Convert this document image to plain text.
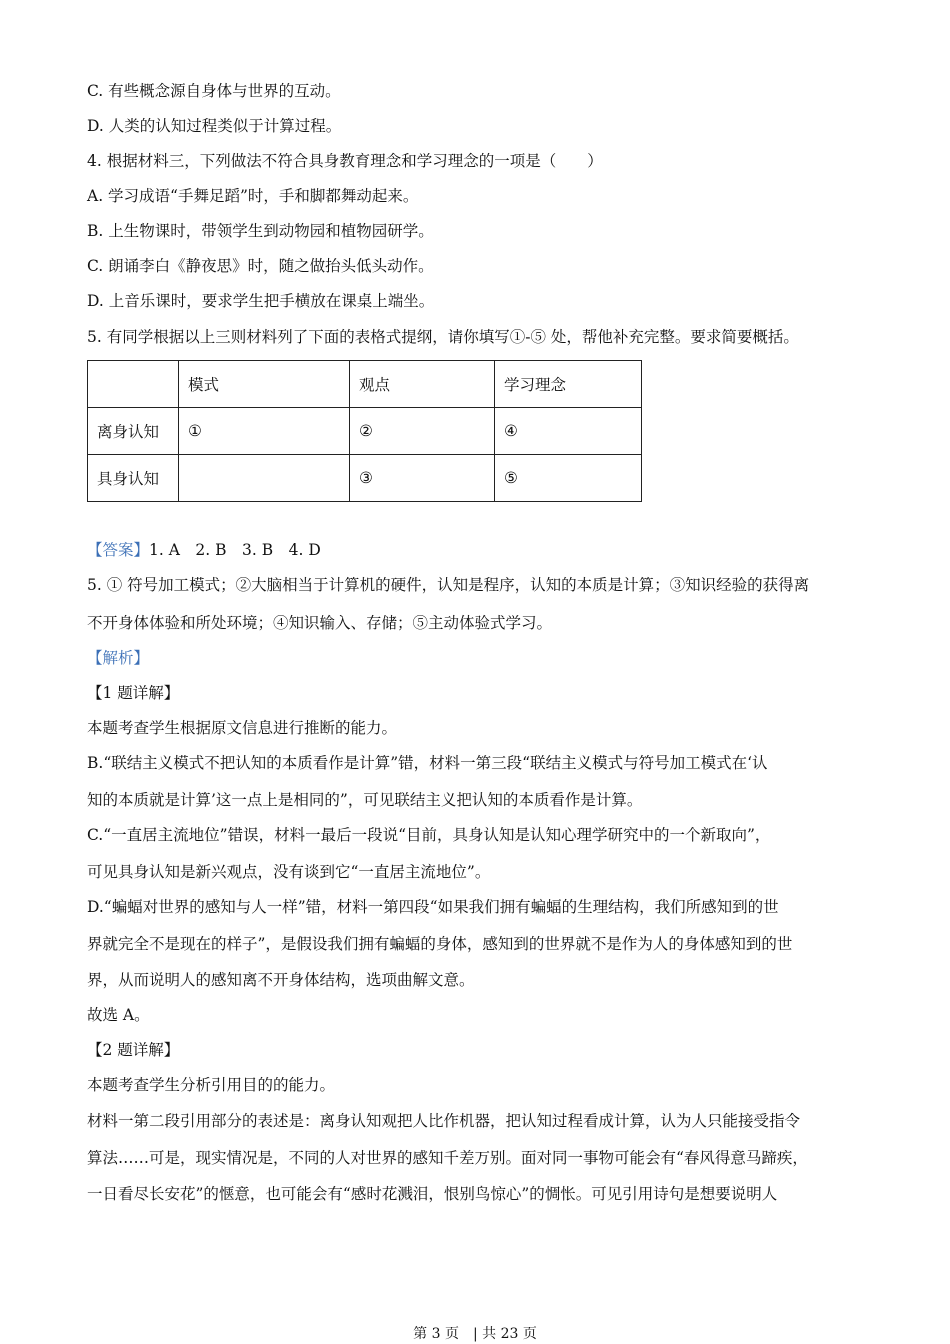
C. 有些概念源自身体与世界的互动。
D. 人类的认知过程类似于计算过程。
4. 根据材料三，下列做法不符合具身教育理念和学习理念的一项是（　　）
A. 学习成语“手舞足蹈”时，手和脚都舞动起来。
B. 上生物课时，带领学生到动物园和植物园研学。
C. 朗诵李白《静夜思》时，随之做抬头低头动作。
D. 上音乐课时，要求学生把手横放在课桌上端坐。
5. 有同学根据以上三则材料列了下面的表格式提纲，请你填写①-⑤ 处，帮他补充完整。要求简要概括。
	模式	观点	学习理念
离身认知	①	②	④
具身认知		③	⑤
【答案】1. A　2. B　3. B　4. D
5. ① 符号加工模式；②大脑相当于计算机的硬件，认知是程序，认知的本质是计算；③知识经验的获得离
不开身体体验和所处环境；④知识输入、存储；⑤主动体验式学习。
【解析】
【1 题详解】
本题考查学生根据原文信息进行推断的能力。
B.“联结主义模式不把认知的本质看作是计算”错，材料一第三段“联结主义模式与符号加工模式在‘认
知的本质就是计算’这一点上是相同的”，可见联结主义把认知的本质看作是计算。
C.“一直居主流地位”错误，材料一最后一段说“目前，具身认知是认知心理学研究中的一个新取向”，
可见具身认知是新兴观点，没有谈到它“一直居主流地位”。
D.“蝙蝠对世界的感知与人一样”错，材料一第四段“如果我们拥有蝙蝠的生理结构，我们所感知到的世
界就完全不是现在的样子”，是假设我们拥有蝙蝠的身体，感知到的世界就不是作为人的身体感知到的世
界，从而说明人的感知离不开身体结构，选项曲解文意。
故选 A。
【2 题详解】
本题考查学生分析引用目的的能力。
材料一第二段引用部分的表述是：离身认知观把人比作机器，把认知过程看成计算，认为人只能接受指令
算法……可是，现实情况是，不同的人对世界的感知千差万别。面对同一事物可能会有“春风得意马蹄疾，
一日看尽长安花”的惬意，也可能会有“感时花溅泪，恨别鸟惊心”的惆怅。可见引用诗句是想要说明人
第 3 页　| 共 23 页
